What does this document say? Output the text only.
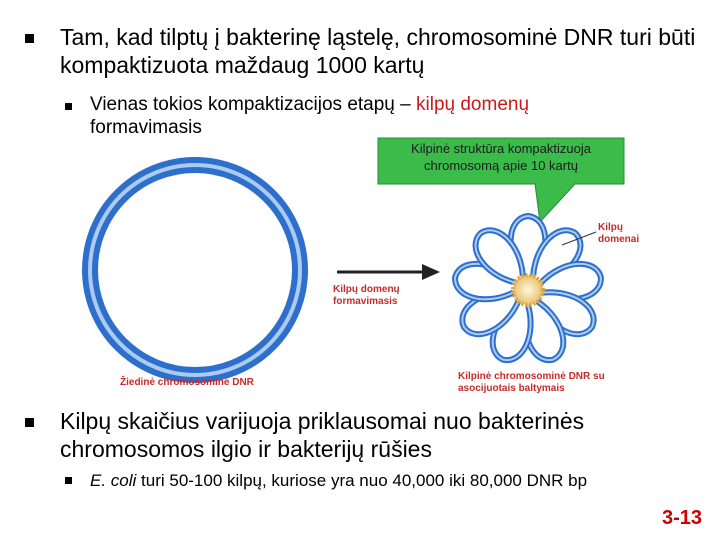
Tam, kad tilptų į bakterinę ląstelę, chromosominė DNR turi būti kompaktizuota maždaug 1000 kartų
Vienas tokios kompaktizacijos etapų – kilpų domenų
formavimasis
Kilpinė struktūra kompaktizuoja chromosomą apie 10 kartų
Kilpų domenų formavimasis
Kilpų domenai
Žiedinė chromosominė DNR
Kilpinė chromosominė DNR su asocijuotais baltymais
Kilpų skaičius varijuoja priklausomai nuo bakterinės chromosomos ilgio ir bakterijų rūšies
E. coli turi 50-100 kilpų, kuriose yra nuo 40,000 iki 80,000 DNR bp
3-13
